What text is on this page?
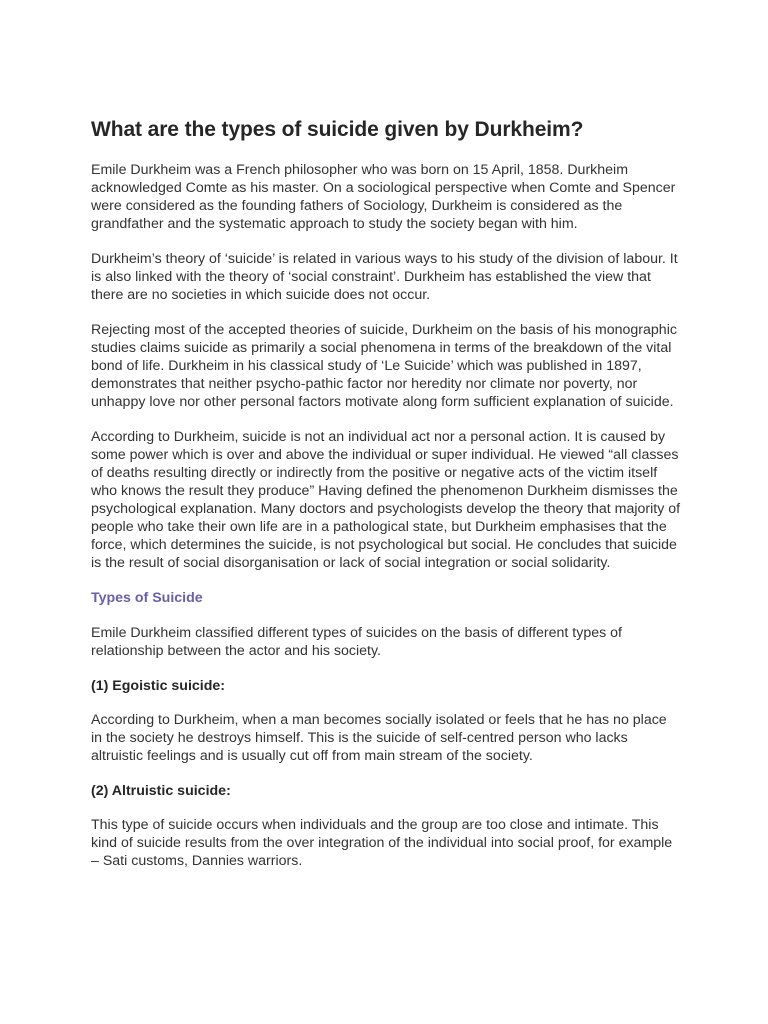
What are the types of suicide given by Durkheim?

Emile Durkheim was a French philosopher who was born on 15 April, 1858. Durkheim acknowledged Comte as his master. On a sociological perspective when Comte and Spencer were considered as the founding fathers of Sociology, Durkheim is considered as the grandfather and the systematic approach to study the society began with him.

Durkheim’s theory of ‘suicide’ is related in various ways to his study of the division of labour. It is also linked with the theory of ‘social constraint’. Durkheim has established the view that there are no societies in which suicide does not occur.

Rejecting most of the accepted theories of suicide, Durkheim on the basis of his monographic studies claims suicide as primarily a social phenomena in terms of the breakdown of the vital bond of life. Durkheim in his classical study of ‘Le Suicide’ which was published in 1897, demonstrates that neither psycho-pathic factor nor heredity nor climate nor poverty, nor unhappy love nor other personal factors motivate along form sufficient explanation of suicide.

According to Durkheim, suicide is not an individual act nor a personal action. It is caused by some power which is over and above the individual or super individual. He viewed “all classes of deaths resulting directly or indirectly from the positive or negative acts of the victim itself who knows the result they produce” Having defined the phenomenon Durkheim dismisses the psychological explanation. Many doctors and psychologists develop the theory that majority of people who take their own life are in a pathological state, but Durkheim emphasises that the force, which determines the suicide, is not psychological but social. He concludes that suicide is the result of social disorganisation or lack of social integration or social solidarity.

Types of Suicide

Emile Durkheim classified different types of suicides on the basis of different types of relationship between the actor and his society.

(1) Egoistic suicide:

According to Durkheim, when a man becomes socially isolated or feels that he has no place in the society he destroys himself. This is the suicide of self-centred person who lacks altruistic feelings and is usually cut off from main stream of the society.

(2) Altruistic suicide:

This type of suicide occurs when individuals and the group are too close and intimate. This kind of suicide results from the over integration of the individual into social proof, for example – Sati customs, Dannies warriors.
